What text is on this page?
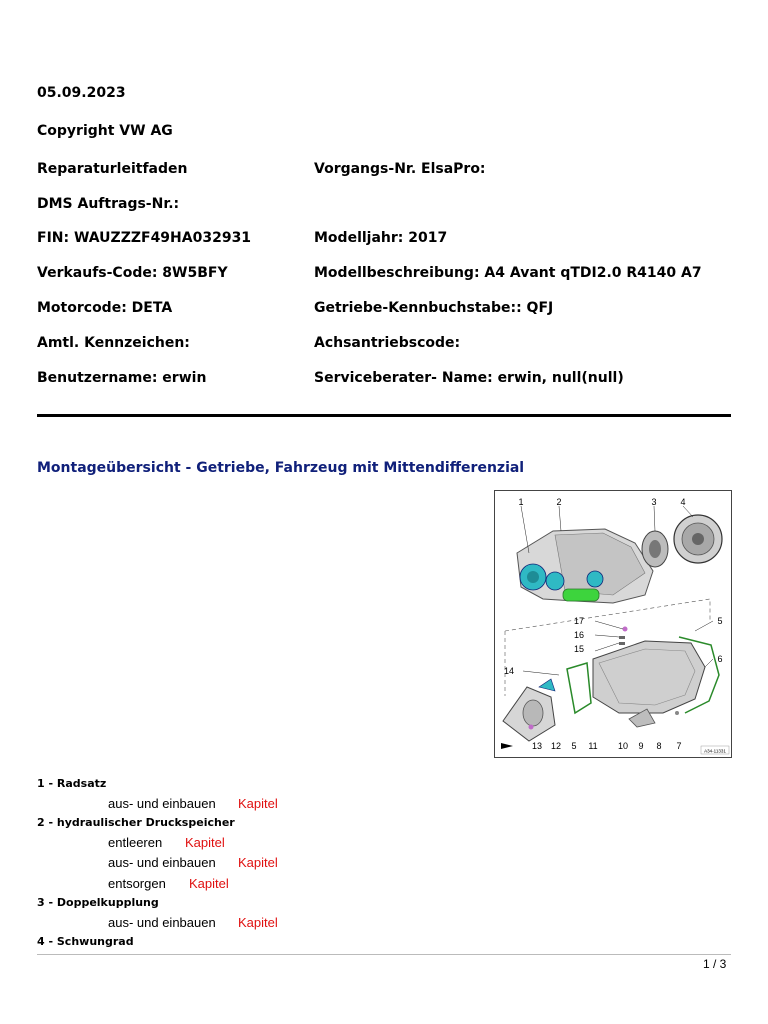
05.09.2023
Copyright VW AG
Reparaturleitfaden	Vorgangs-Nr. ElsaPro:
DMS Auftrags-Nr.:
FIN: WAUZZZF49HA032931	Modelljahr: 2017
Verkaufs-Code: 8W5BFY	Modellbeschreibung: A4 Avant qTDI2.0 R4140 A7
Motorcode: DETA	Getriebe-Kennbuchstabe:: QFJ
Amtl. Kennzeichen:	Achsantriebscode:
Benutzername: erwin	Serviceberater- Name: erwin, null(null)
Montageübersicht - Getriebe, Fahrzeug mit Mittendifferenzial
A34-11331
1	2	3	4
17
16
15
14
5
6
13 12 5 11 10 9 8 7
1 - Radsatz
aus- und einbauen Kapitel
2 - hydraulischer Druckspeicher
entleeren Kapitel
aus- und einbauen Kapitel
entsorgen Kapitel
3 - Doppelkupplung
aus- und einbauen Kapitel
4 - Schwungrad
1 / 3
